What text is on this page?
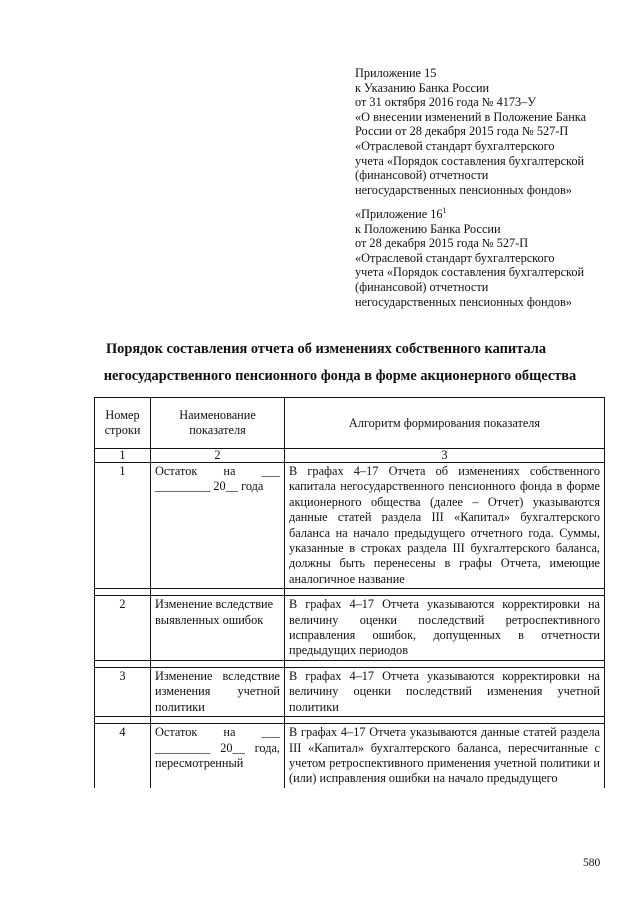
Приложение 15
к Указанию Банка России
от 31 октября 2016 года № 4173–У
«О внесении изменений в Положение Банка
России от 28 декабря 2015 года № 527-П
«Отраслевой стандарт бухгалтерского
учета «Порядок составления бухгалтерской
(финансовой) отчетности
негосударственных пенсионных фондов»
«Приложение $16^1$
к Положению Банка России
от 28 декабря 2015 года № 527-П
«Отраслевой стандарт бухгалтерского
учета «Порядок составления бухгалтерской
(финансовой) отчетности
негосударственных пенсионных фондов»
Порядок составления отчета об изменениях собственного капитала
негосударственного пенсионного фонда в форме акционерного общества
Номер строки	Наименование показателя	Алгоритм формирования показателя
1	2	3
1	Остаток на ___ _________ 20__ года	В графах 4–17 Отчета об изменениях собственного капитала негосударственного пенсионного фонда в форме акционерного общества (далее – Отчет) указываются данные статей раздела III «Капитал» бухгалтерского баланса на начало предыдущего отчетного года. Суммы, указанные в строках раздела III бухгалтерского баланса, должны быть перенесены в графы Отчета, имеющие аналогичное название

2	Изменение вследствие выявленных ошибок	В графах 4–17 Отчета указываются корректировки на величину оценки последствий ретроспективного исправления ошибок, допущенных в отчетности предыдущих периодов

3	Изменение вследствие изменения учетной политики	В графах 4–17 Отчета указываются корректировки на величину оценки последствий изменения учетной политики

4	Остаток на ___ _________ 20__ года, пересмотренный	В графах 4–17 Отчета указываются данные статей раздела III «Капитал» бухгалтерского баланса, пересчитанные с учетом ретроспективного применения учетной политики и (или) исправления ошибки на начало предыдущего
580
